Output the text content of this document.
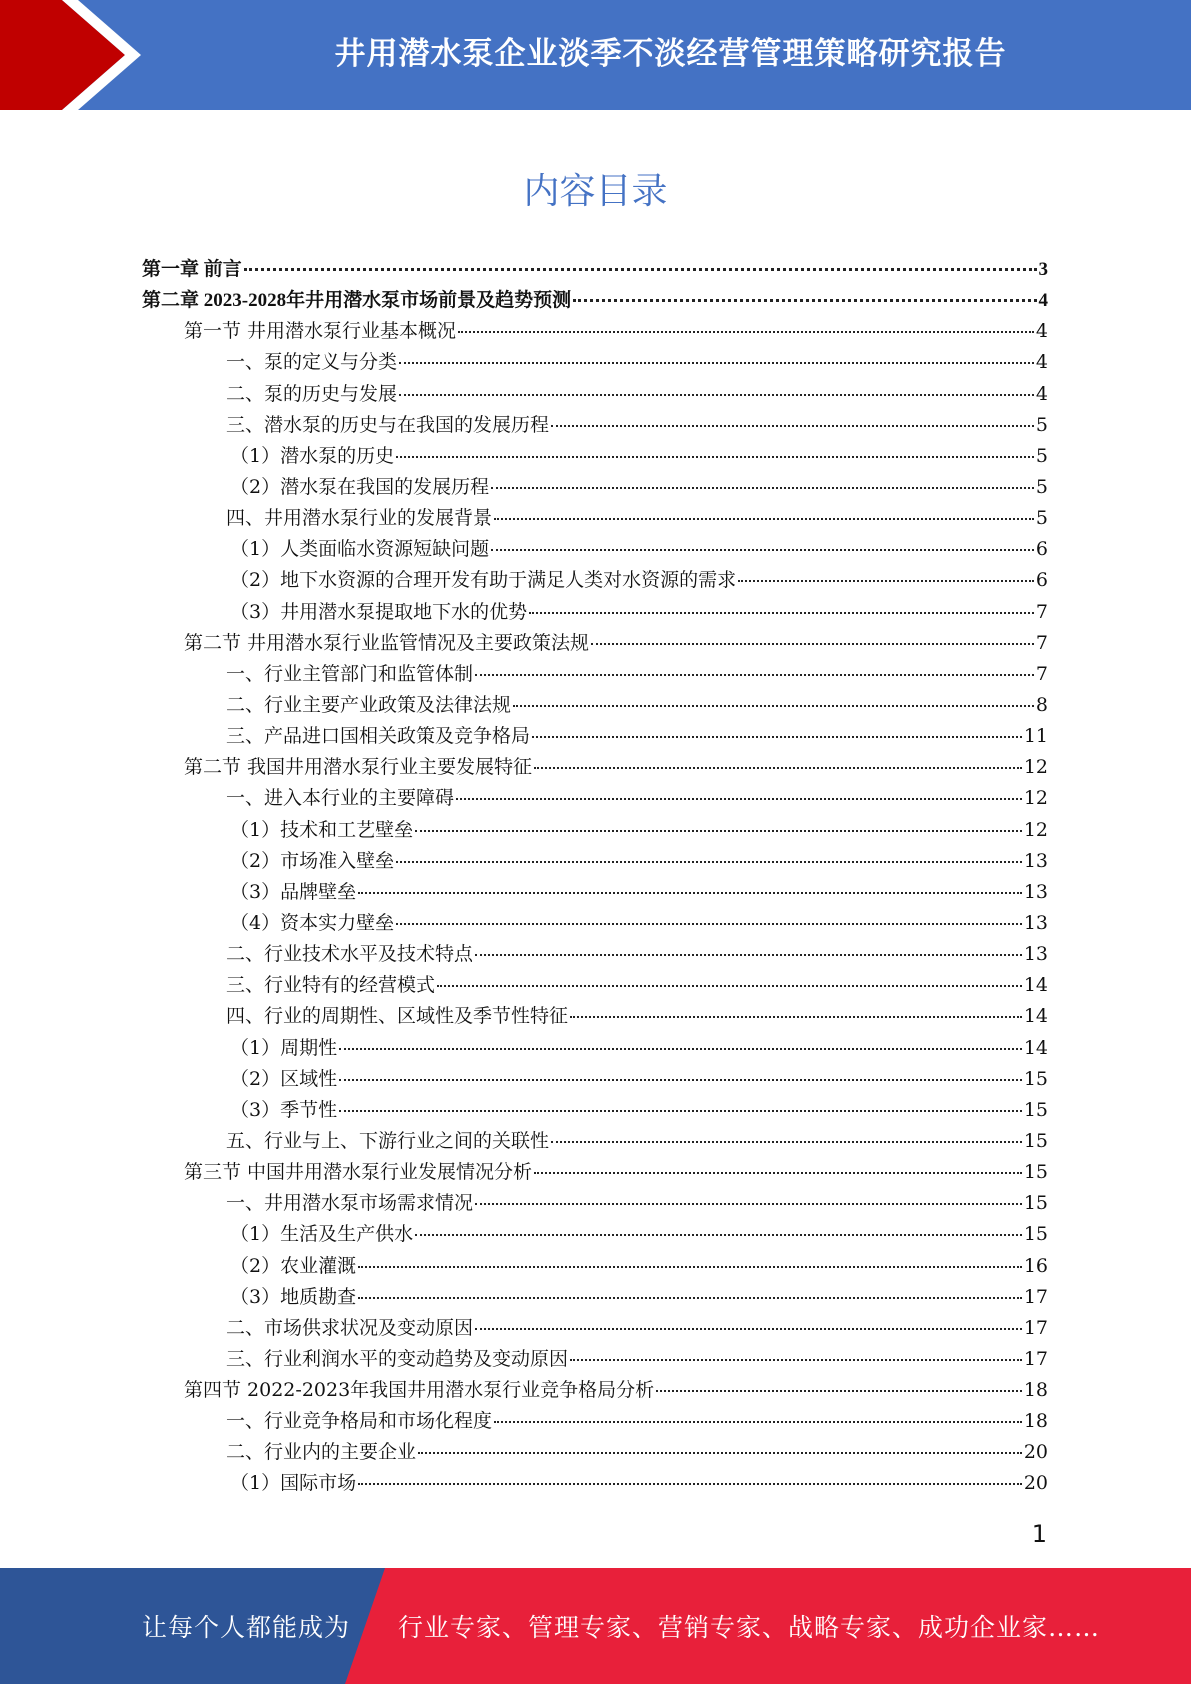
井用潜水泵企业淡季不淡经营管理策略研究报告
内容目录
第一章 前言	3
第二章 2023-2028年井用潜水泵市场前景及趋势预测	4
第一节 井用潜水泵行业基本概况	4
一、泵的定义与分类	4
二、泵的历史与发展	4
三、潜水泵的历史与在我国的发展历程	5
（1）潜水泵的历史	5
（2）潜水泵在我国的发展历程	5
四、井用潜水泵行业的发展背景	5
（1）人类面临水资源短缺问题	6
（2）地下水资源的合理开发有助于满足人类对水资源的需求	6
（3）井用潜水泵提取地下水的优势	7
第二节 井用潜水泵行业监管情况及主要政策法规	7
一、行业主管部门和监管体制	7
二、行业主要产业政策及法律法规	8
三、产品进口国相关政策及竞争格局	11
第二节 我国井用潜水泵行业主要发展特征	12
一、进入本行业的主要障碍	12
（1）技术和工艺壁垒	12
（2）市场准入壁垒	13
（3）品牌壁垒	13
（4）资本实力壁垒	13
二、行业技术水平及技术特点	13
三、行业特有的经营模式	14
四、行业的周期性、区域性及季节性特征	14
（1）周期性	14
（2）区域性	15
（3）季节性	15
五、行业与上、下游行业之间的关联性	15
第三节 中国井用潜水泵行业发展情况分析	15
一、井用潜水泵市场需求情况	15
（1）生活及生产供水	15
（2）农业灌溉	16
（3）地质勘查	17
二、市场供求状况及变动原因	17
三、行业利润水平的变动趋势及变动原因	17
第四节 2022-2023年我国井用潜水泵行业竞争格局分析	18
一、行业竞争格局和市场化程度	18
二、行业内的主要企业	20
（1）国际市场	20
1
让每个人都能成为 行业专家、管理专家、营销专家、战略专家、成功企业家……
